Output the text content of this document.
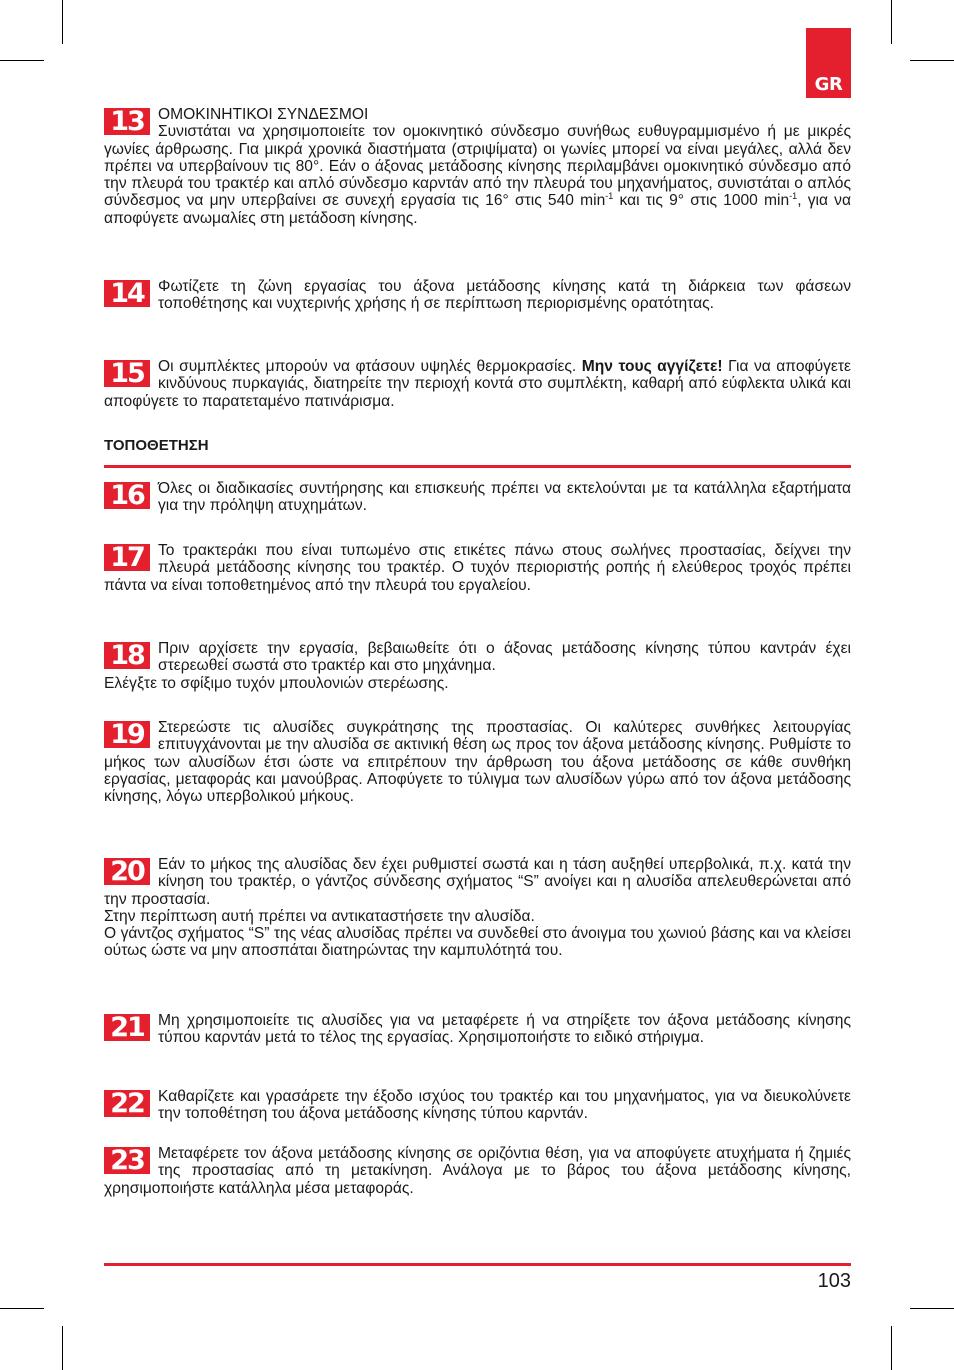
GR
13 ΟΜΟΚΙΝΗΤΙΚΟΙ ΣΥΝΔΕΣΜΟΙ
Συνιστάται να χρησιμοποιείτε τον ομοκινητικό σύνδεσμο συνήθως ευθυγραμμισμένο ή με μικρές γωνίες άρθρωσης. Για μικρά χρονικά διαστήματα (στριψίματα) οι γωνίες μπορεί να είναι μεγάλες, αλλά δεν πρέπει να υπερβαίνουν τις 80°. Εάν ο άξονας μετάδοσης κίνησης περιλαμβάνει ομοκινητικό σύνδεσμο από την πλευρά του τρακτέρ και απλό σύνδεσμο καρντάν από την πλευρά του μηχανήματος, συνιστάται ο απλός σύνδεσμος να μην υπερβαίνει σε συνεχή εργασία τις 16° στις 540 $\min^{-1} \kappa\alpha\iota$ τις 9° στις 1000 $\min^{-1}$, για να αποφύγετε ανωμαλίες στη μετάδοση κίνησης.
14 Φωτίζετε τη ζώνη εργασίας του άξονα μετάδοσης κίνησης κατά τη διάρκεια των φάσεων τοποθέτησης και νυχτερινής χρήσης ή σε περίπτωση περιορισμένης ορατότητας.
15 Οι συμπλέκτες μπορούν να φτάσουν υψηλές θερμοκρασίες. Μην τους αγγίζετε! Για να αποφύγετε κινδύνους πυρκαγιάς, διατηρείτε την περιοχή κοντά στο συμπλέκτη, καθαρή από εύφλεκτα υλικά και αποφύγετε το παρατεταμένο πατινάρισμα.
ΤΟΠΟΘΕΤΗΣΗ
16 Όλες οι διαδικασίες συντήρησης και επισκευής πρέπει να εκτελούνται με τα κατάλληλα εξαρτήματα για την πρόληψη ατυχημάτων.
17 Το τρακτεράκι που είναι τυπωμένο στις ετικέτες πάνω στους σωλήνες προστασίας, δείχνει την πλευρά μετάδοσης κίνησης του τρακτέρ. Ο τυχόν περιοριστής ροπής ή ελεύθερος τροχός πρέπει πάντα να είναι τοποθετημένος από την πλευρά του εργαλείου.
18 Πριν αρχίσετε την εργασία, βεβαιωθείτε ότι ο άξονας μετάδοσης κίνησης τύπου καντράν έχει στερεωθεί σωστά στο τρακτέρ και στο μηχάνημα.
Ελέγξτε το σφίξιμο τυχόν μπουλονιών στερέωσης.
19 Στερεώστε τις αλυσίδες συγκράτησης της προστασίας. Οι καλύτερες συνθήκες λειτουργίας επιτυγχάνονται με την αλυσίδα σε ακτινική θέση ως προς τον άξονα μετάδοσης κίνησης. Ρυθμίστε το μήκος των αλυσίδων έτσι ώστε να επιτρέπουν την άρθρωση του άξονα μετάδοσης σε κάθε συνθήκη εργασίας, μεταφοράς και μανούβρας. Αποφύγετε το τύλιγμα των αλυσίδων γύρω από τον άξονα μετάδοσης κίνησης, λόγω υπερβολικού μήκους.
20 Εάν το μήκος της αλυσίδας δεν έχει ρυθμιστεί σωστά και η τάση αυξηθεί υπερβολικά, π.χ. κατά την κίνηση του τρακτέρ, ο γάντζος σύνδεσης σχήματος “S” ανοίγει και η αλυσίδα απελευθερώνεται από την προστασία.
Στην περίπτωση αυτή πρέπει να αντικαταστήσετε την αλυσίδα.
Ο γάντζος σχήματος “S” της νέας αλυσίδας πρέπει να συνδεθεί στο άνοιγμα του χωνιού βάσης και να κλείσει ούτως ώστε να μην αποσπάται διατηρώντας την καμπυλότητά του.
21 Μη χρησιμοποιείτε τις αλυσίδες για να μεταφέρετε ή να στηρίξετε τον άξονα μετάδοσης κίνησης τύπου καρντάν μετά το τέλος της εργασίας. Χρησιμοποιήστε το ειδικό στήριγμα.
22 Καθαρίζετε και γρασάρετε την έξοδο ισχύος του τρακτέρ και του μηχανήματος, για να διευκολύνετε την τοποθέτηση του άξονα μετάδοσης κίνησης τύπου καρντάν.
23 Μεταφέρετε τον άξονα μετάδοσης κίνησης σε οριζόντια θέση, για να αποφύγετε ατυχήματα ή ζημιές της προστασίας από τη μετακίνηση. Ανάλογα με το βάρος του άξονα μετάδοσης κίνησης, χρησιμοποιήστε κατάλληλα μέσα μεταφοράς.
103
